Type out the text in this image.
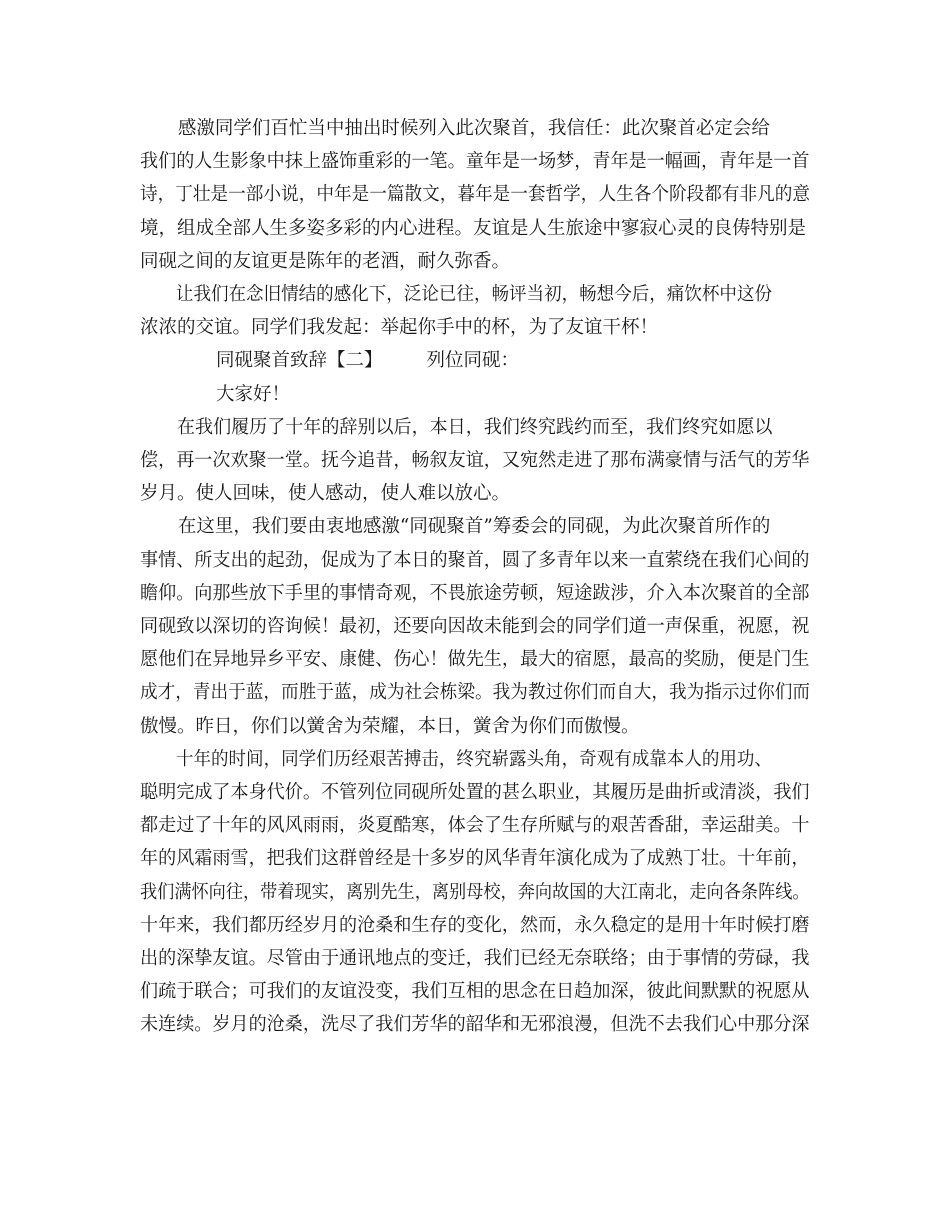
感激同学们百忙当中抽出时候列入此次聚首，我信任：此次聚首必定会给
我们的人生影象中抹上盛饰重彩的一笔。童年是一场梦，青年是一幅画，青年是一首
诗，丁壮是一部小说，中年是一篇散文，暮年是一套哲学，人生各个阶段都有非凡的意
境，组成全部人生多姿多彩的内心进程。友谊是人生旅途中寥寂心灵的良俦特别是
同砚之间的友谊更是陈年的老酒，耐久弥香。

让我们在念旧情结的感化下，泛论已往，畅评当初，畅想今后，痛饮杯中这份
浓浓的交谊。同学们我发起：举起你手中的杯，为了友谊干杯！

同砚聚首致辞【二】 列位同砚：

大家好！

在我们履历了十年的辞别以后，本日，我们终究践约而至，我们终究如愿以
偿，再一次欢聚一堂。抚今追昔，畅叙友谊，又宛然走进了那布满豪情与活气的芳华
岁月。使人回味，使人感动，使人难以放心。

在这里，我们要由衷地感激“同砚聚首”筹委会的同砚，为此次聚首所作的
事情、所支出的起劲，促成为了本日的聚首，圆了多青年以来一直萦绕在我们心间的
瞻仰。向那些放下手里的事情奇观，不畏旅途劳顿，短途跋涉，介入本次聚首的全部
同砚致以深切的咨询候！最初，还要向因故未能到会的同学们道一声保重，祝愿，祝
愿他们在异地异乡平安、康健、伤心！做先生，最大的宿愿，最高的奖励，便是门生
成才，青出于蓝，而胜于蓝，成为社会栋梁。我为教过你们而自大，我为指示过你们而
傲慢。昨日，你们以黉舍为荣耀，本日，黉舍为你们而傲慢。

十年的时间，同学们历经艰苦搏击，终究崭露头角，奇观有成靠本人的用功、
聪明完成了本身代价。不管列位同砚所处置的甚么职业，其履历是曲折或清淡，我们
都走过了十年的风风雨雨，炎夏酷寒，体会了生存所赋与的艰苦香甜，幸运甜美。十
年的风霜雨雪，把我们这群曾经是十多岁的风华青年演化成为了成熟丁壮。十年前，
我们满怀向往，带着现实，离别先生，离别母校，奔向故国的大江南北，走向各条阵线。
十年来，我们都历经岁月的沧桑和生存的变化，然而，永久稳定的是用十年时候打磨
出的深挚友谊。尽管由于通讯地点的变迁，我们已经无奈联络；由于事情的劳碌，我
们疏于联合；可我们的友谊没变，我们互相的思念在日趋加深，彼此间默默的祝愿从
未连续。岁月的沧桑，洗尽了我们芳华的韶华和无邪浪漫，但洗不去我们心中那分深
